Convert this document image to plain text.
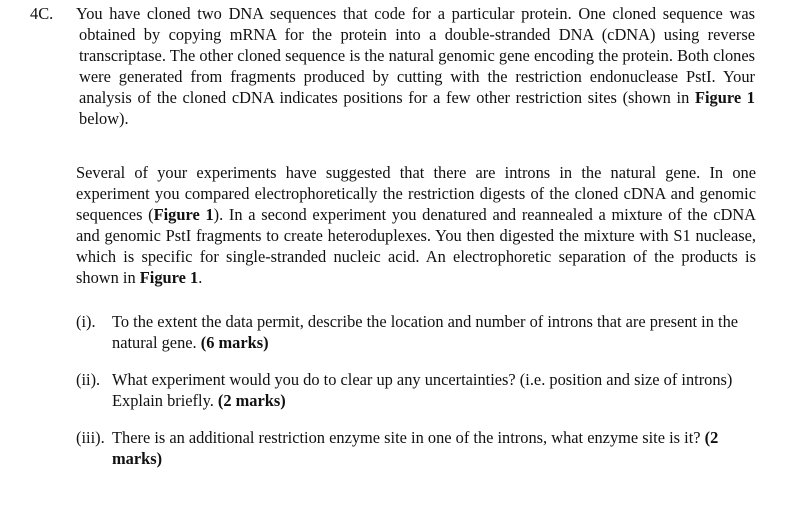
4C. You have cloned two DNA sequences that code for a particular protein. One cloned sequence was obtained by copying mRNA for the protein into a double-stranded DNA (cDNA) using reverse transcriptase. The other cloned sequence is the natural genomic gene encoding the protein. Both clones were generated from fragments produced by cutting with the restriction endonuclease PstI. Your analysis of the cloned cDNA indicates positions for a few other restriction sites (shown in Figure 1 below).

Several of your experiments have suggested that there are introns in the natural gene. In one experiment you compared electrophoretically the restriction digests of the cloned cDNA and genomic sequences (Figure 1). In a second experiment you denatured and reannealed a mixture of the cDNA and genomic PstI fragments to create heteroduplexes. You then digested the mixture with S1 nuclease, which is specific for single-stranded nucleic acid. An electrophoretic separation of the products is shown in Figure 1.

(i). To the extent the data permit, describe the location and number of introns that are present in the natural gene. (6 marks)
(ii). What experiment would you do to clear up any uncertainties? (i.e. position and size of introns) Explain briefly. (2 marks)
(iii). There is an additional restriction enzyme site in one of the introns, what enzyme site is it? (2 marks)
